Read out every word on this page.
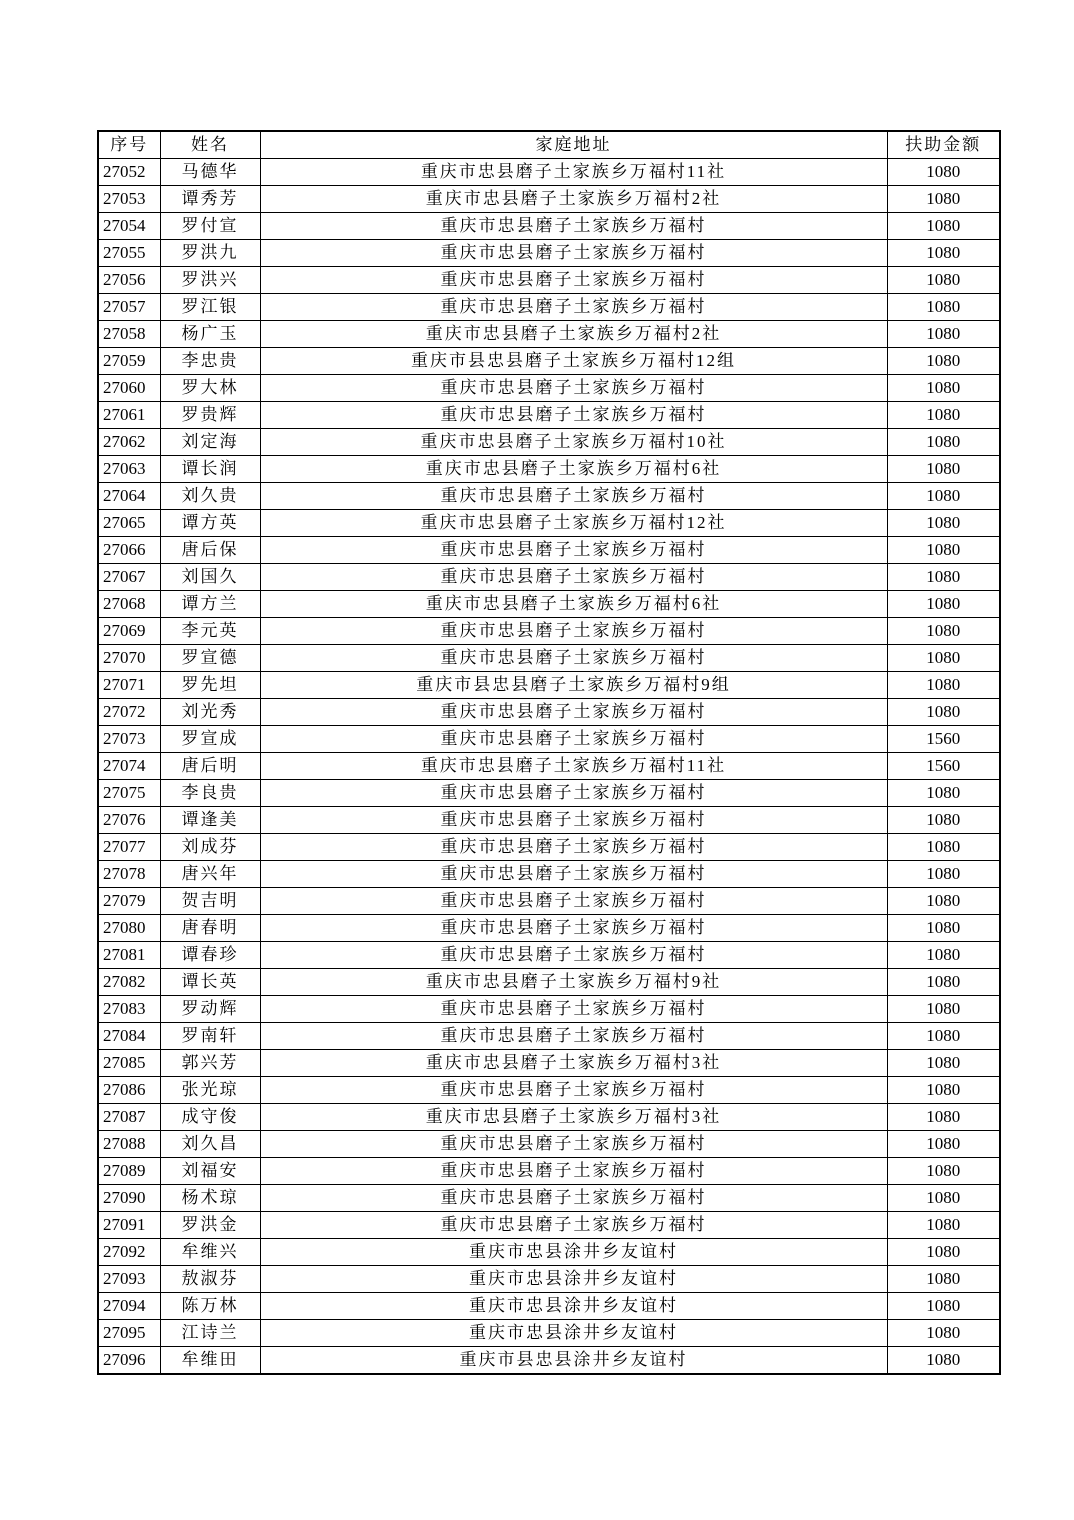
序号	姓名	家庭地址	扶助金额
27052	马德华	重庆市忠县磨子土家族乡万福村11社	1080
27053	谭秀芳	重庆市忠县磨子土家族乡万福村2社	1080
27054	罗付宣	重庆市忠县磨子土家族乡万福村	1080
27055	罗洪九	重庆市忠县磨子土家族乡万福村	1080
27056	罗洪兴	重庆市忠县磨子土家族乡万福村	1080
27057	罗江银	重庆市忠县磨子土家族乡万福村	1080
27058	杨广玉	重庆市忠县磨子土家族乡万福村2社	1080
27059	李忠贵	重庆市县忠县磨子土家族乡万福村12组	1080
27060	罗大林	重庆市忠县磨子土家族乡万福村	1080
27061	罗贵辉	重庆市忠县磨子土家族乡万福村	1080
27062	刘定海	重庆市忠县磨子土家族乡万福村10社	1080
27063	谭长润	重庆市忠县磨子土家族乡万福村6社	1080
27064	刘久贵	重庆市忠县磨子土家族乡万福村	1080
27065	谭方英	重庆市忠县磨子土家族乡万福村12社	1080
27066	唐后保	重庆市忠县磨子土家族乡万福村	1080
27067	刘国久	重庆市忠县磨子土家族乡万福村	1080
27068	谭方兰	重庆市忠县磨子土家族乡万福村6社	1080
27069	李元英	重庆市忠县磨子土家族乡万福村	1080
27070	罗宣德	重庆市忠县磨子土家族乡万福村	1080
27071	罗先坦	重庆市县忠县磨子土家族乡万福村9组	1080
27072	刘光秀	重庆市忠县磨子土家族乡万福村	1080
27073	罗宣成	重庆市忠县磨子土家族乡万福村	1560
27074	唐后明	重庆市忠县磨子土家族乡万福村11社	1560
27075	李良贵	重庆市忠县磨子土家族乡万福村	1080
27076	谭逢美	重庆市忠县磨子土家族乡万福村	1080
27077	刘成芬	重庆市忠县磨子土家族乡万福村	1080
27078	唐兴年	重庆市忠县磨子土家族乡万福村	1080
27079	贺吉明	重庆市忠县磨子土家族乡万福村	1080
27080	唐春明	重庆市忠县磨子土家族乡万福村	1080
27081	谭春珍	重庆市忠县磨子土家族乡万福村	1080
27082	谭长英	重庆市忠县磨子土家族乡万福村9社	1080
27083	罗动辉	重庆市忠县磨子土家族乡万福村	1080
27084	罗南轩	重庆市忠县磨子土家族乡万福村	1080
27085	郭兴芳	重庆市忠县磨子土家族乡万福村3社	1080
27086	张光琼	重庆市忠县磨子土家族乡万福村	1080
27087	成守俊	重庆市忠县磨子土家族乡万福村3社	1080
27088	刘久昌	重庆市忠县磨子土家族乡万福村	1080
27089	刘福安	重庆市忠县磨子土家族乡万福村	1080
27090	杨术琼	重庆市忠县磨子土家族乡万福村	1080
27091	罗洪金	重庆市忠县磨子土家族乡万福村	1080
27092	牟维兴	重庆市忠县涂井乡友谊村	1080
27093	敖淑芬	重庆市忠县涂井乡友谊村	1080
27094	陈万林	重庆市忠县涂井乡友谊村	1080
27095	江诗兰	重庆市忠县涂井乡友谊村	1080
27096	牟维田	重庆市县忠县涂井乡友谊村	1080
